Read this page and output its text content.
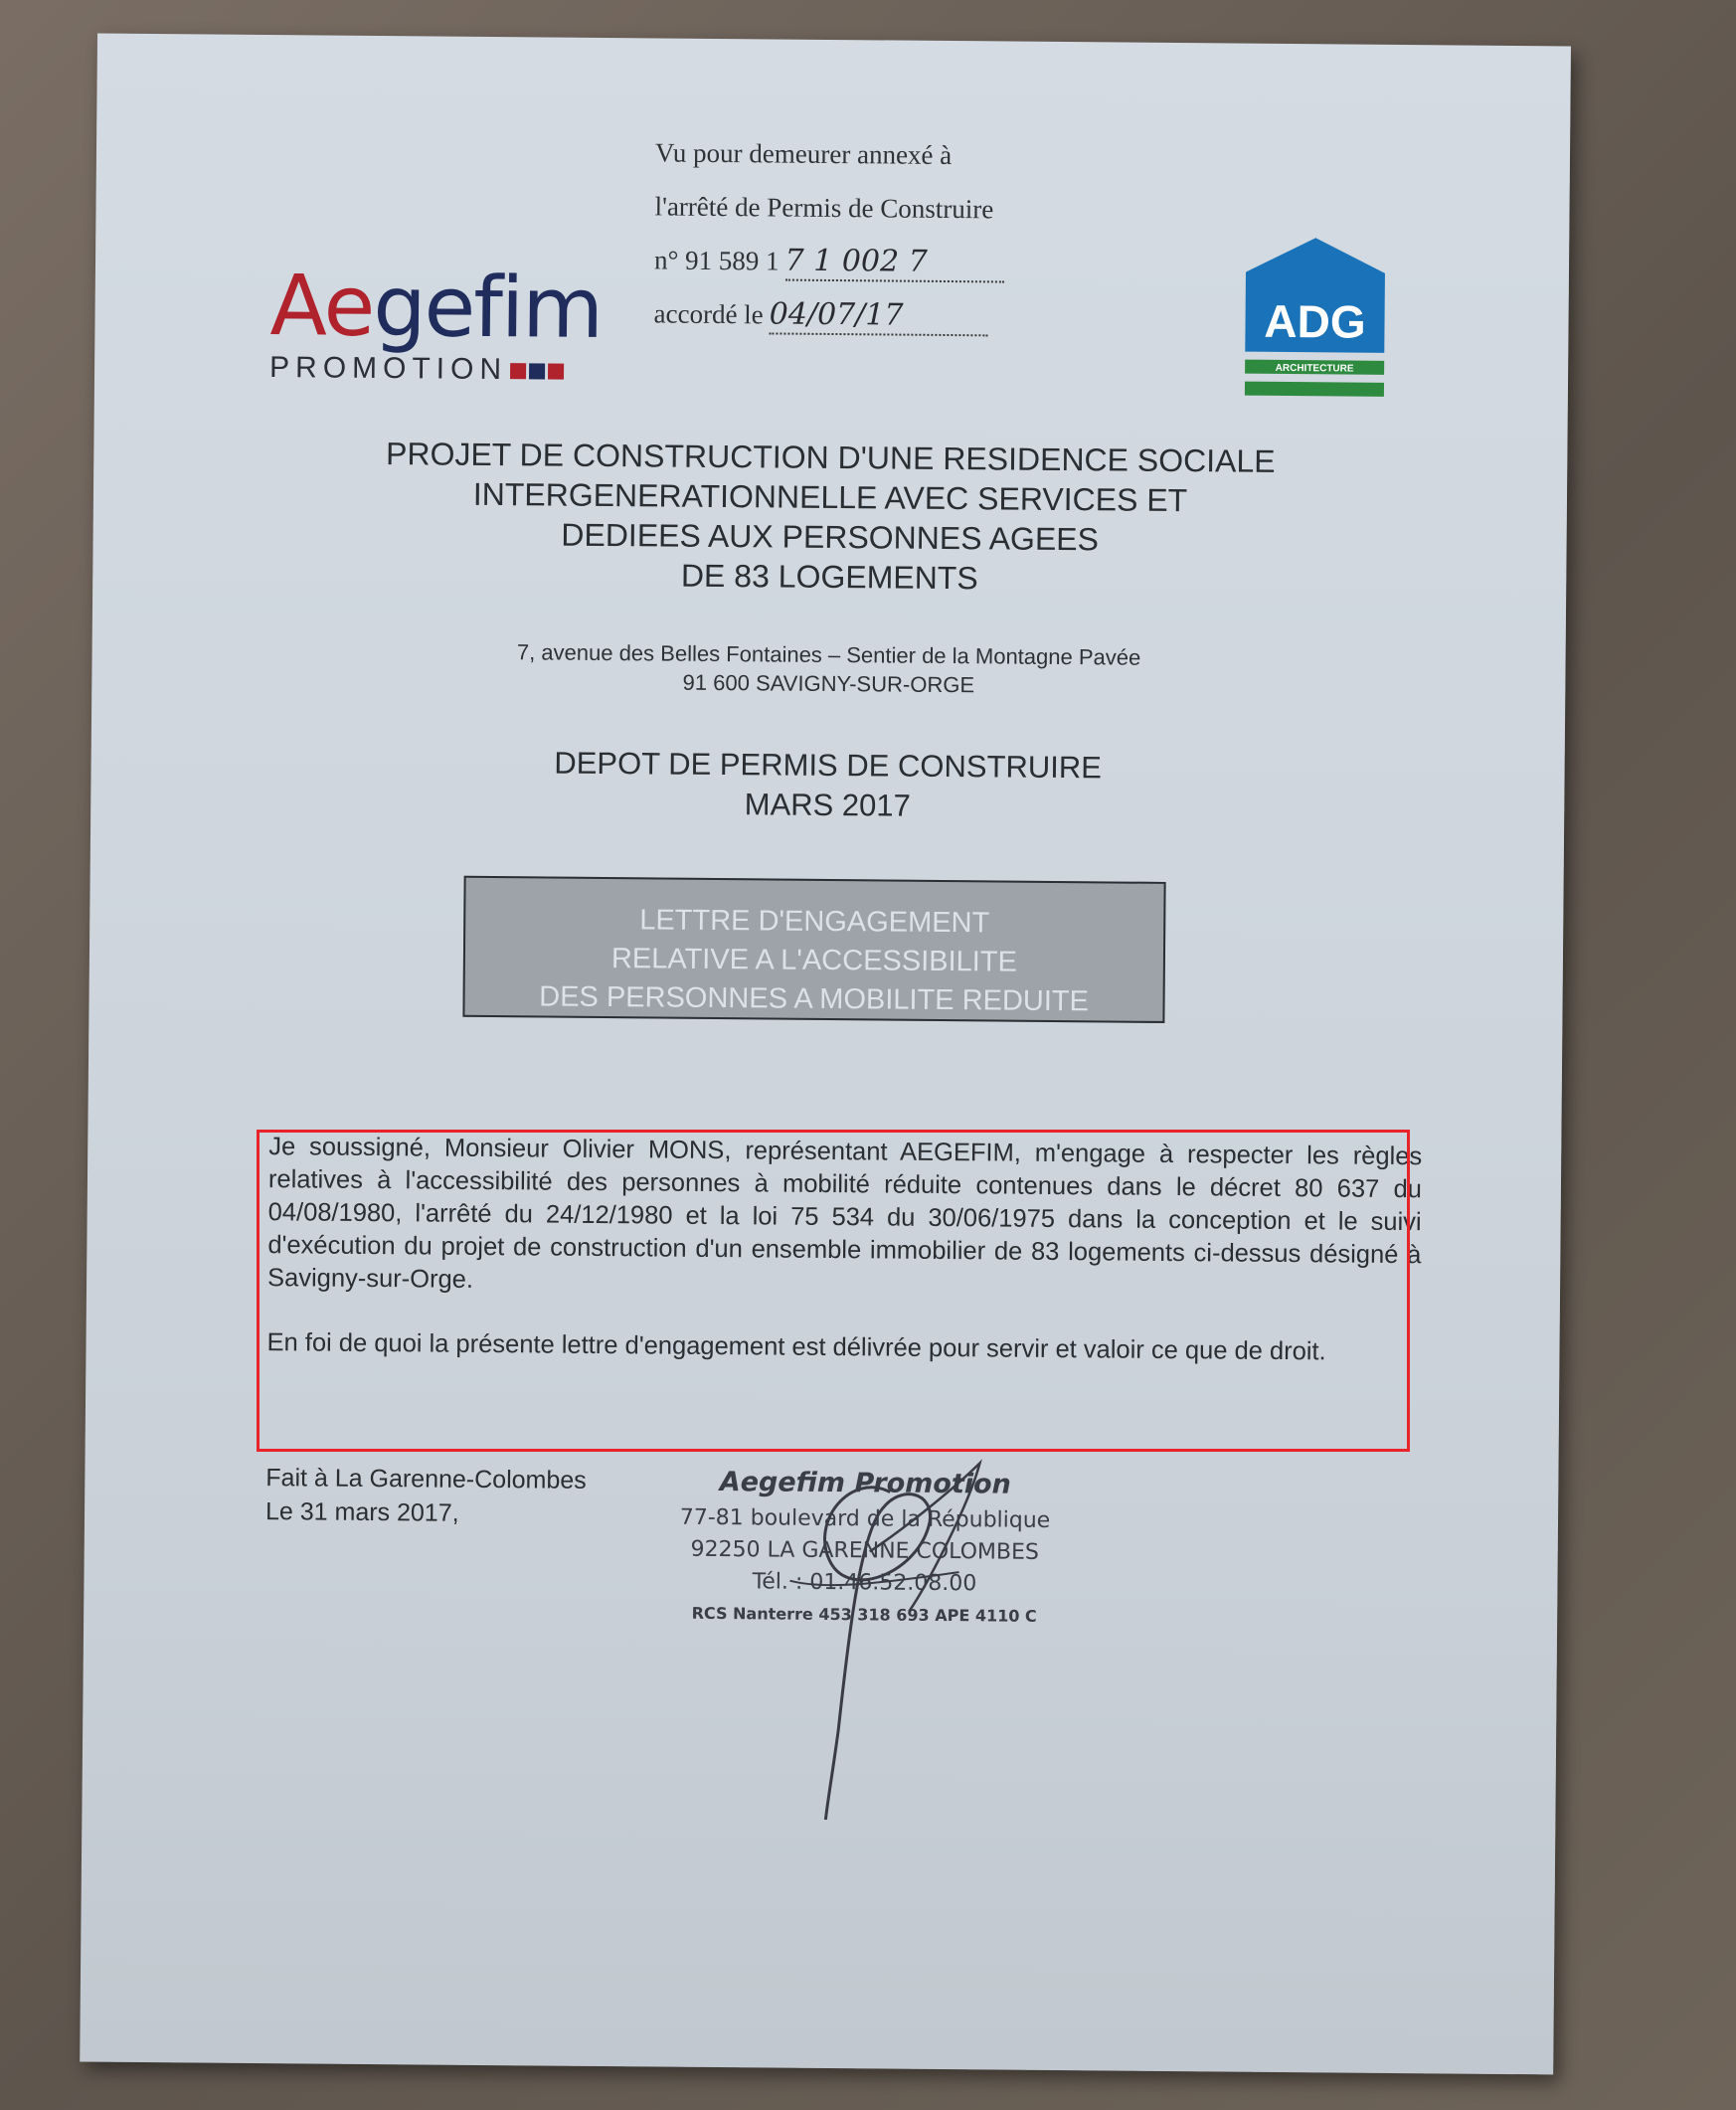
Vu pour demeurer annexé à
l'arrêté de Permis de Construire
n° 91 589 1 7 1 002 7
accordé le 04/07/17
Aegefim
PROMOTION
ADG
ARCHITECTURE
PROJET DE CONSTRUCTION D'UNE RESIDENCE SOCIALE
INTERGENERATIONNELLE AVEC SERVICES ET
DEDIEES AUX PERSONNES AGEES
DE 83 LOGEMENTS
7, avenue des Belles Fontaines – Sentier de la Montagne Pavée
91 600 SAVIGNY-SUR-ORGE
DEPOT DE PERMIS DE CONSTRUIRE
MARS 2017
LETTRE D'ENGAGEMENT
RELATIVE A L'ACCESSIBILITE
DES PERSONNES A MOBILITE REDUITE

Je soussigné, Monsieur Olivier MONS, représentant AEGEFIM, m'engage à respecter les règles relatives à l'accessibilité des personnes à mobilité réduite contenues dans le décret 80 637 du 04/08/1980, l'arrêté du 24/12/1980 et la loi 75 534 du 30/06/1975 dans la conception et le suivi d'exécution du projet de construction d'un ensemble immobilier de 83 logements ci-dessus désigné à Savigny-sur-Orge.

En foi de quoi la présente lettre d'engagement est délivrée pour servir et valoir ce que de droit.

Fait à La Garenne-Colombes
Le 31 mars 2017,
Aegefim Promotion
77-81 boulevard de la République
92250 LA GARENNE COLOMBES
Tél. : 01.46.52.08.00
RCS Nanterre 453 318 693 APE 4110 C
